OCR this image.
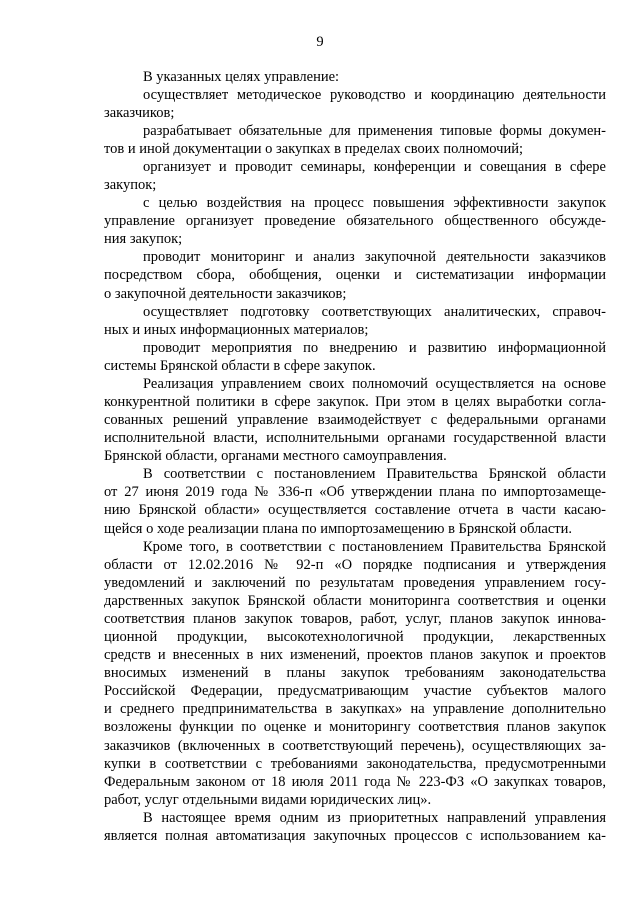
9

В указанных целях управление:

осуществляет методическое руководство и координацию деятельности

заказчиков;

разрабатывает обязательные для применения типовые формы докумен-

тов и иной документации о закупках в пределах своих полномочий;

организует и проводит семинары, конференции и совещания в сфере

закупок;

с целью воздействия на процесс повышения эффективности закупок

управление организует проведение обязательного общественного обсужде-

ния закупок;

проводит мониторинг и анализ закупочной деятельности заказчиков

посредством сбора, обобщения, оценки и систематизации информации

о закупочной деятельности заказчиков;

осуществляет подготовку соответствующих аналитических, справоч-

ных и иных информационных материалов;

проводит мероприятия по внедрению и развитию информационной

системы Брянской области в сфере закупок.

Реализация управлением своих полномочий осуществляется на основе

конкурентной политики в сфере закупок. При этом в целях выработки согла-

сованных решений управление взаимодействует с федеральными органами

исполнительной власти, исполнительными органами государственной власти

Брянской области, органами местного самоуправления.

В соответствии с постановлением Правительства Брянской области

от 27 июня 2019 года № 336-п «Об утверждении плана по импортозамеще-

нию Брянской области» осуществляется составление отчета в части касаю-

щейся о ходе реализации плана по импортозамещению в Брянской области.

Кроме того, в соответствии с постановлением Правительства Брянской

области от 12.02.2016 № 92-п «О порядке подписания и утверждения

уведомлений и заключений по результатам проведения управлением госу-

дарственных закупок Брянской области мониторинга соответствия и оценки

соответствия планов закупок товаров, работ, услуг, планов закупок иннова-

ционной продукции, высокотехнологичной продукции, лекарственных

средств и внесенных в них изменений, проектов планов закупок и проектов

вносимых изменений в планы закупок требованиям законодательства

Российской Федерации, предусматривающим участие субъектов малого

и среднего предпринимательства в закупках» на управление дополнительно

возложены функции по оценке и мониторингу соответствия планов закупок

заказчиков (включенных в соответствующий перечень), осуществляющих за-

купки в соответствии с требованиями законодательства, предусмотренными

Федеральным законом от 18 июля 2011 года № 223-ФЗ «О закупках товаров,

работ, услуг отдельными видами юридических лиц».

В настоящее время одним из приоритетных направлений управления

является полная автоматизация закупочных процессов с использованием ка-
